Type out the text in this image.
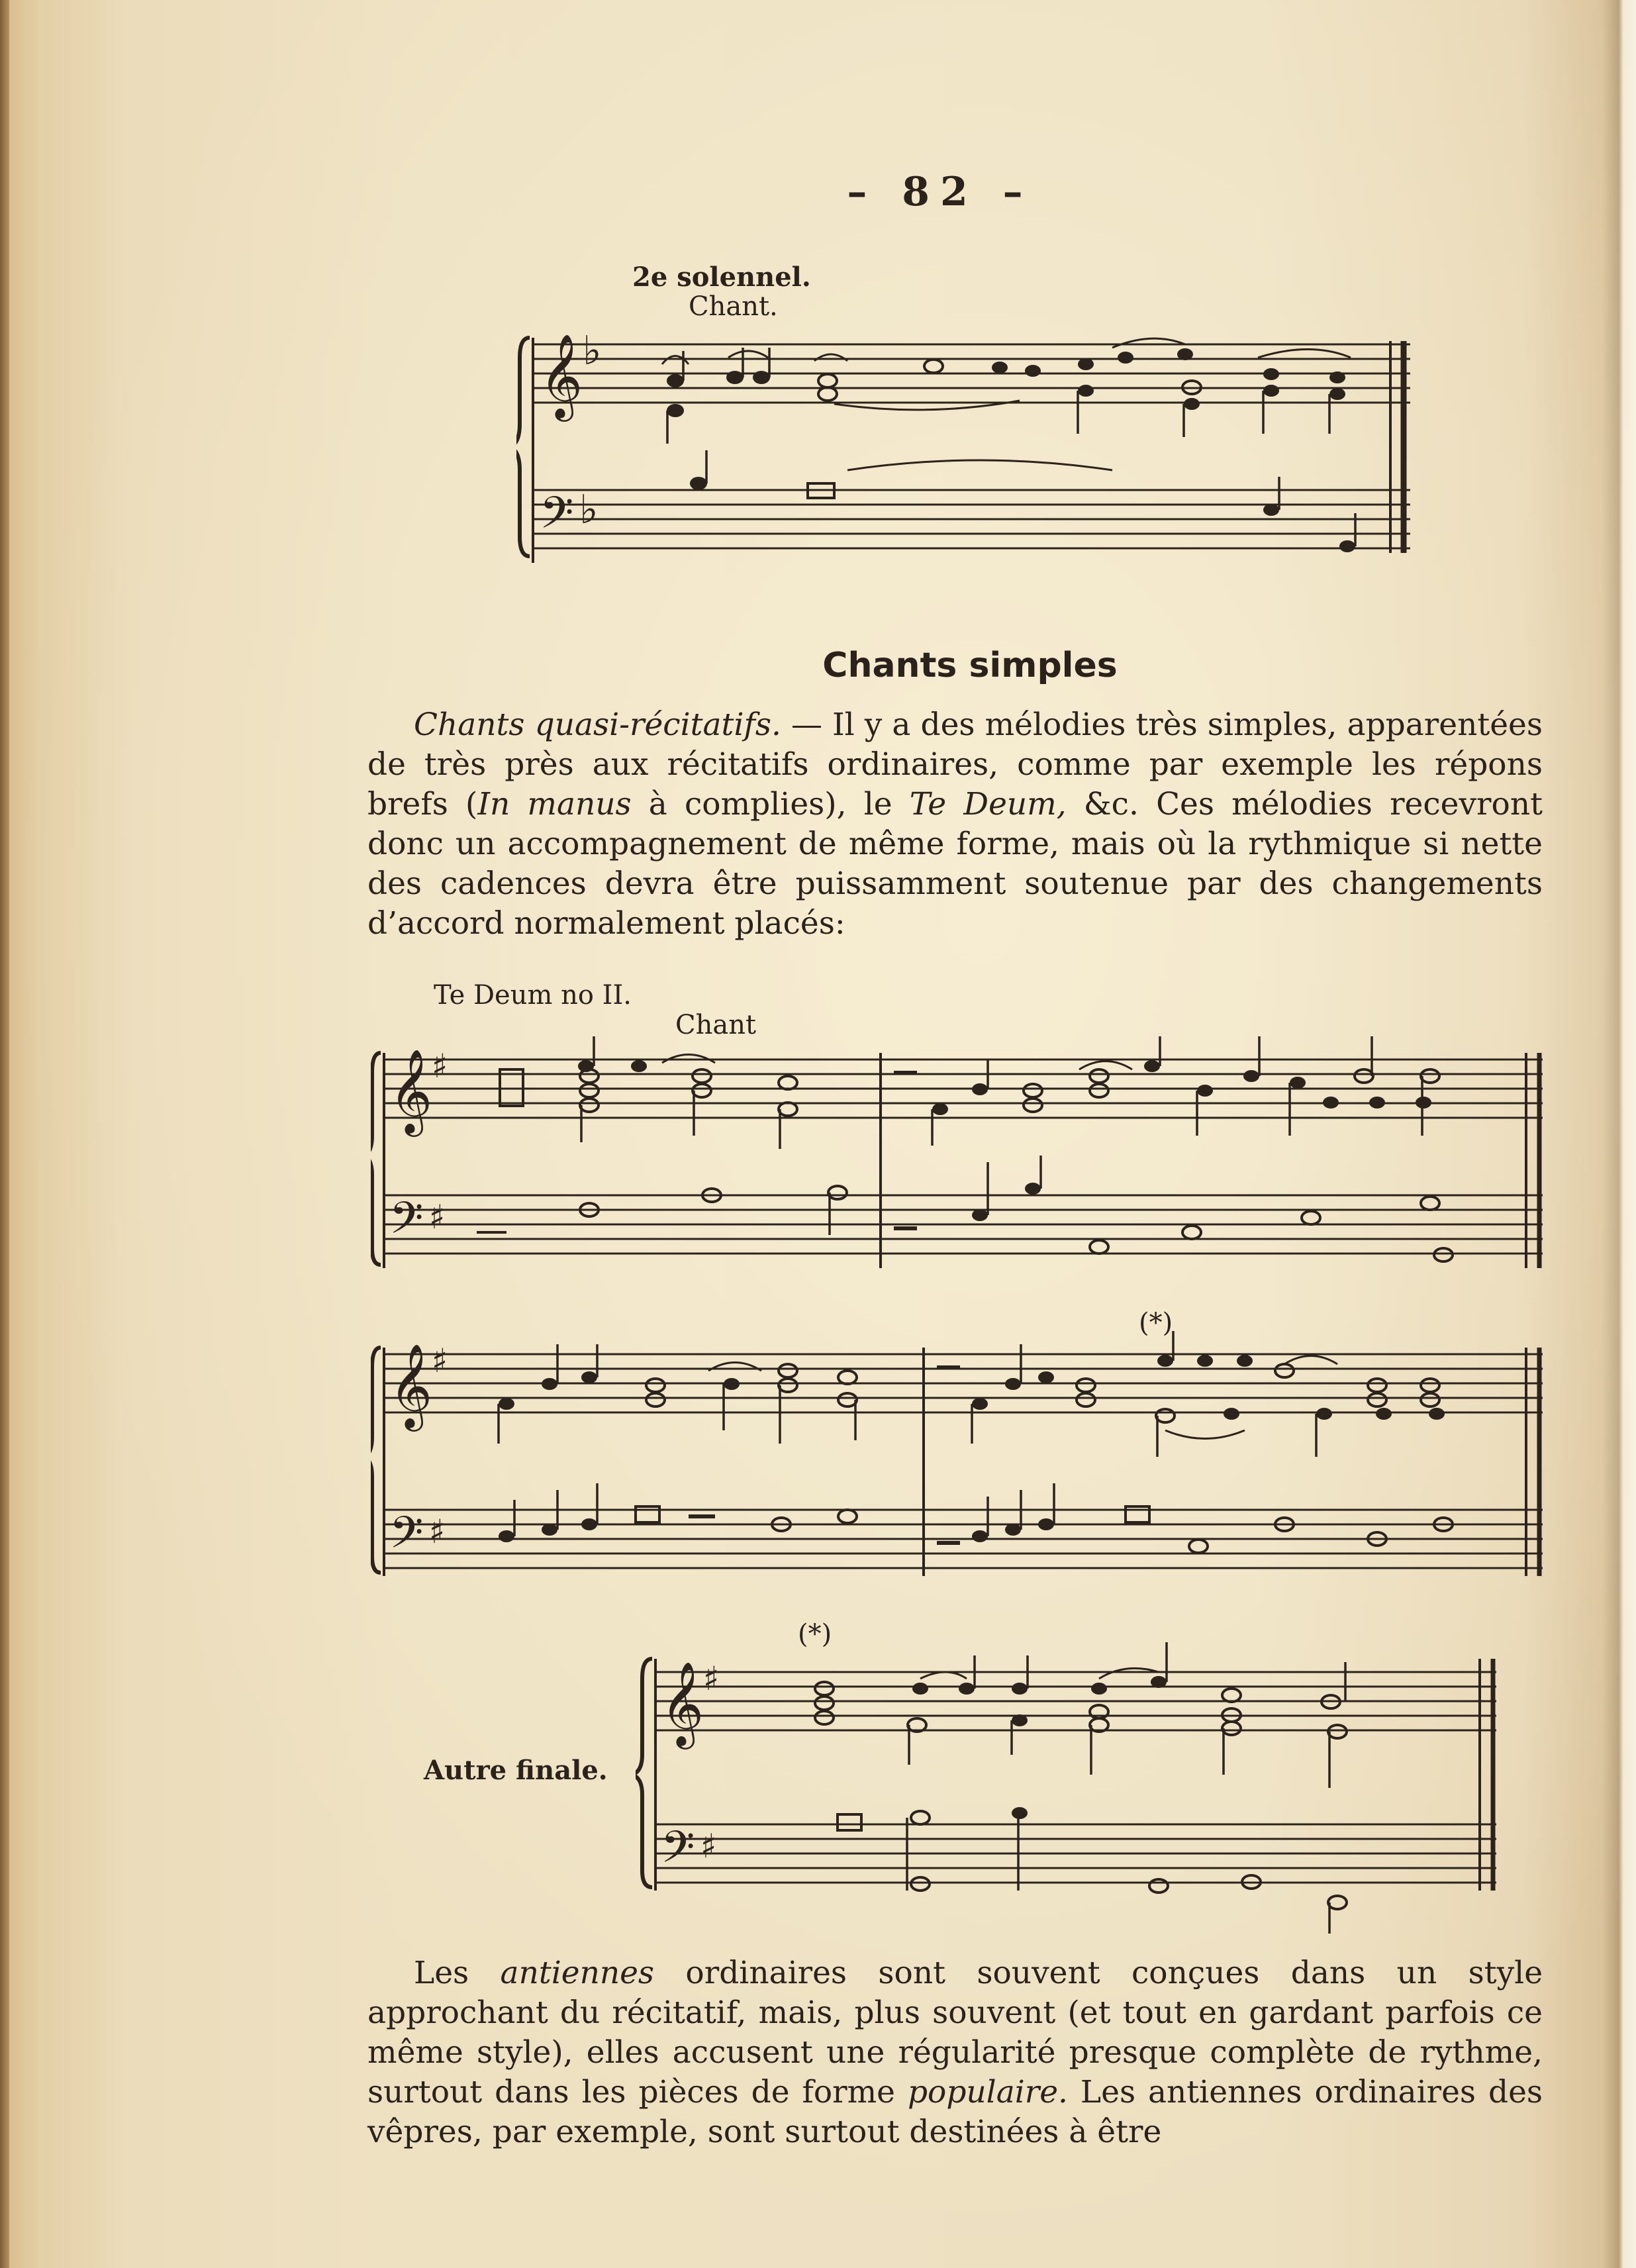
– 82 –
2e solennel.
Chant.
𝄞 ♭
𝄢 ♭
Chants simples

Chants quasi-récitatifs. — Il y a des mélodies très simples, apparentées de très près aux récitatifs ordinaires, comme par exemple les répons brefs (In manus à complies), le Te Deum, &c. Ces mélodies recevront donc un accompagnement de même forme, mais où la rythmique si nette des cadences devra être puissamment soutenue par des changements d’accord normalement placés:

Te Deum no II.
Chant
𝄞
♯
𝄢 ♯
(*)
𝄞
♯
𝄢 ♯
(*)
Autre finale.
𝄞
♯
𝄢 ♯

Les antiennes ordinaires sont souvent conçues dans un style approchant du récitatif, mais, plus souvent (et tout en gardant parfois ce même style), elles accusent une régularité presque complète de rythme, surtout dans les pièces de forme populaire. Les antiennes ordinaires des vêpres, par exemple, sont surtout destinées à être
